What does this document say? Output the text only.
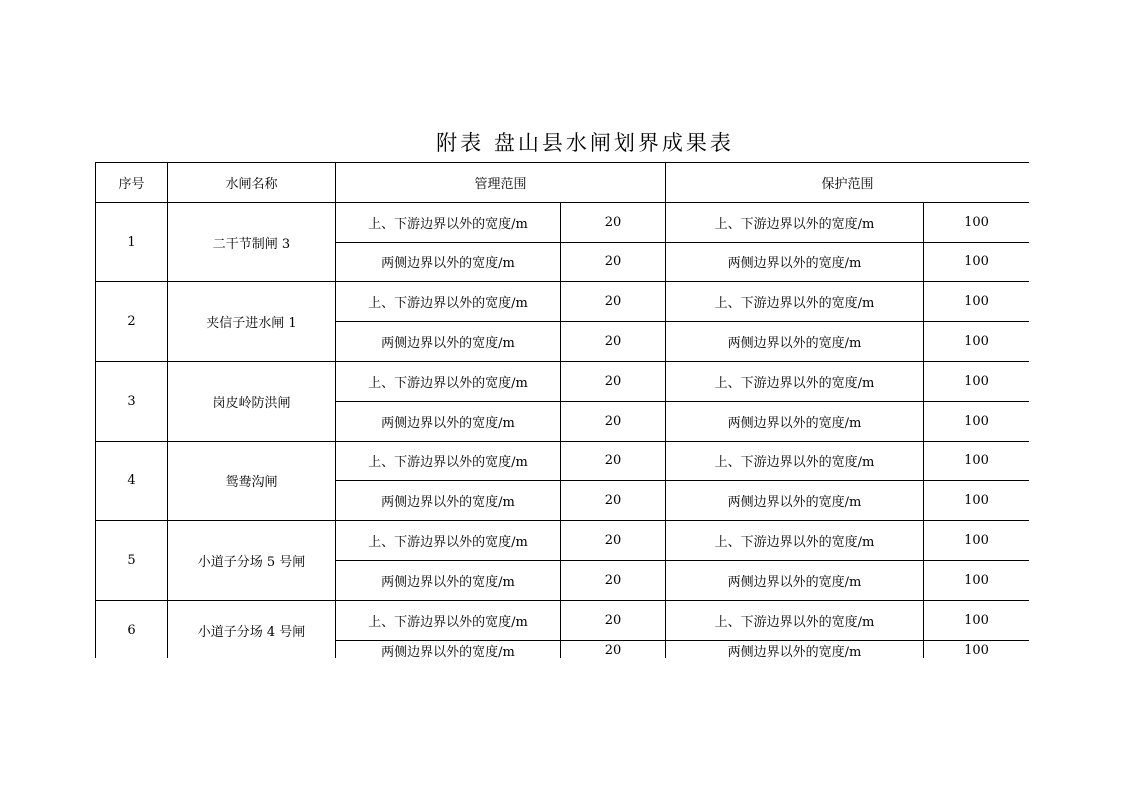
附表 盘山县水闸划界成果表
序号	水闸名称	管理范围		保护范围	
1	二干节制闸 3	上、下游边界以外的宽度/m	20	上、下游边界以外的宽度/m	100
		两侧边界以外的宽度/m	20	两侧边界以外的宽度/m	100
2	夹信子进水闸 1	上、下游边界以外的宽度/m	20	上、下游边界以外的宽度/m	100
		两侧边界以外的宽度/m	20	两侧边界以外的宽度/m	100
3	岗皮岭防洪闸	上、下游边界以外的宽度/m	20	上、下游边界以外的宽度/m	100
		两侧边界以外的宽度/m	20	两侧边界以外的宽度/m	100
4	鸳鸯沟闸	上、下游边界以外的宽度/m	20	上、下游边界以外的宽度/m	100
		两侧边界以外的宽度/m	20	两侧边界以外的宽度/m	100
5	小道子分场 5 号闸	上、下游边界以外的宽度/m	20	上、下游边界以外的宽度/m	100
		两侧边界以外的宽度/m	20	两侧边界以外的宽度/m	100
6	小道子分场 4 号闸	上、下游边界以外的宽度/m	20	上、下游边界以外的宽度/m	100
		两侧边界以外的宽度/m	20	两侧边界以外的宽度/m	100
